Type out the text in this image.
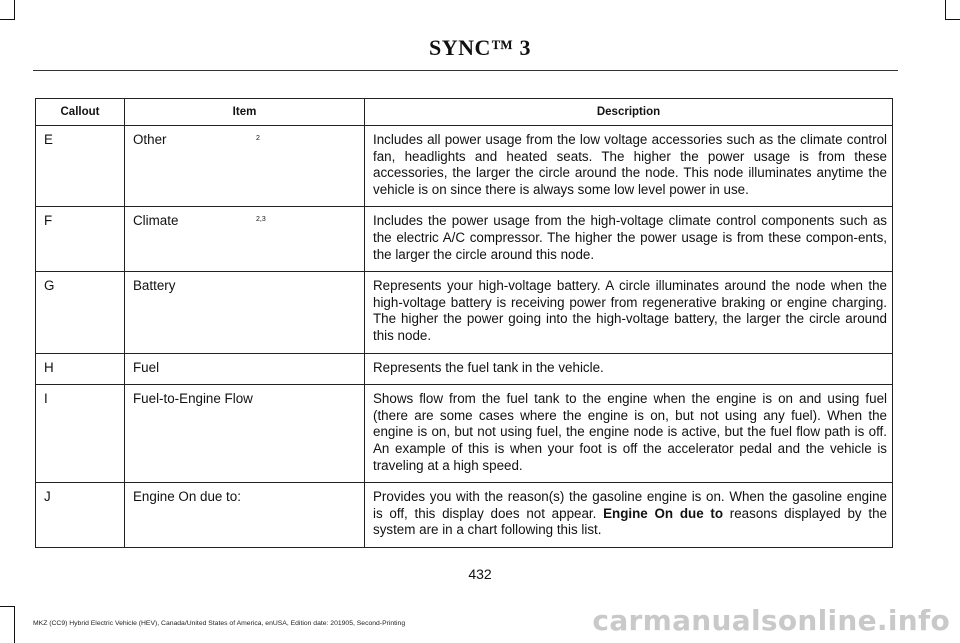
SYNC™ 3
Callout	Item	Description
E	Other 2	Includes all power usage from the low voltage accessories such as the climate control fan, headlights and heated seats. The higher the power usage is from these accessories, the larger the circle around the node. This node illuminates anytime the vehicle is on since there is always some low level power in use.
F	Climate 2,3	Includes the power usage from the high-voltage climate control components such as the electric A/C compressor. The higher the power usage is from these compon-ents, the larger the circle around this node.
G	Battery	Represents your high-voltage battery. A circle illuminates around the node when the high-voltage battery is receiving power from regenerative braking or engine charging. The higher the power going into the high-voltage battery, the larger the circle around this node.
H	Fuel	Represents the fuel tank in the vehicle.
I	Fuel-to-Engine Flow	Shows flow from the fuel tank to the engine when the engine is on and using fuel (there are some cases where the engine is on, but not using any fuel). When the engine is on, but not using fuel, the engine node is active, but the fuel flow path is off. An example of this is when your foot is off the accelerator pedal and the vehicle is traveling at a high speed.
J	Engine On due to:	Provides you with the reason(s) the gasoline engine is on. When the gasoline engine is off, this display does not appear. Engine On due to reasons displayed by the system are in a chart following this list.
432
MKZ (CC9) Hybrid Electric Vehicle (HEV), Canada/United States of America, enUSA, Edition date: 201905, Second-Printing	carmanualsonline.info
